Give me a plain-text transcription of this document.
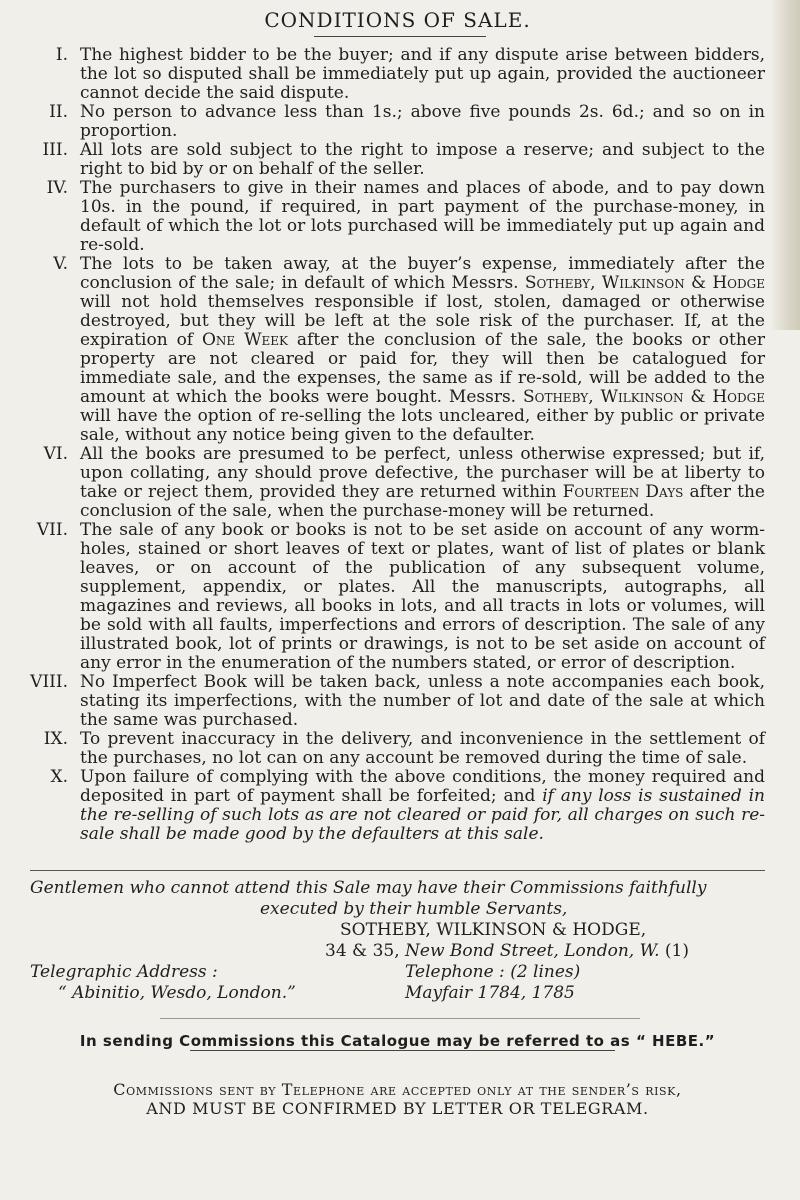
CONDITIONS OF SALE.
I. The highest bidder to be the buyer; and if any dispute arise between bidders, the lot so disputed shall be immediately put up again, provided the auctioneer cannot decide the said dispute.
II. No person to advance less than 1s.; above five pounds 2s. 6d.; and so on in proportion.
III. All lots are sold subject to the right to impose a reserve; and subject to the right to bid by or on behalf of the seller.
IV. The purchasers to give in their names and places of abode, and to pay down 10s. in the pound, if required, in part payment of the purchase-money, in default of which the lot or lots purchased will be immediately put up again and re-sold.
V. The lots to be taken away, at the buyer’s expense, immediately after the conclusion of the sale; in default of which Messrs. Sotheby, Wilkinson & Hodge will not hold themselves responsible if lost, stolen, damaged or otherwise destroyed, but they will be left at the sole risk of the purchaser. If, at the expiration of One Week after the conclusion of the sale, the books or other property are not cleared or paid for, they will then be catalogued for immediate sale, and the expenses, the same as if re-sold, will be added to the amount at which the books were bought. Messrs. Sotheby, Wilkinson & Hodge will have the option of re-selling the lots uncleared, either by public or private sale, without any notice being given to the defaulter.
VI. All the books are presumed to be perfect, unless otherwise expressed; but if, upon collating, any should prove defective, the purchaser will be at liberty to take or reject them, provided they are returned within Fourteen Days after the conclusion of the sale, when the purchase-money will be returned.
VII. The sale of any book or books is not to be set aside on account of any worm-holes, stained or short leaves of text or plates, want of list of plates or blank leaves, or on account of the publication of any subsequent volume, supplement, appendix, or plates. All the manuscripts, autographs, all magazines and reviews, all books in lots, and all tracts in lots or volumes, will be sold with all faults, imperfections and errors of description. The sale of any illustrated book, lot of prints or drawings, is not to be set aside on account of any error in the enumeration of the numbers stated, or error of description.
VIII. No Imperfect Book will be taken back, unless a note accompanies each book, stating its imperfections, with the number of lot and date of the sale at which the same was purchased.
IX. To prevent inaccuracy in the delivery, and inconvenience in the settlement of the purchases, no lot can on any account be removed during the time of sale.
X. Upon failure of complying with the above conditions, the money required and deposited in part of payment shall be forfeited; and if any loss is sustained in the re-selling of such lots as are not cleared or paid for, all charges on such re-sale shall be made good by the defaulters at this sale.
Gentlemen who cannot attend this Sale may have their Commissions faithfully
executed by their humble Servants,
SOTHEBY, WILKINSON & HODGE,
34 & 35, New Bond Street, London, W. (1)
Telegraphic Address :	Telephone : (2 lines)
“ Abinitio, Wesdo, London.”	Mayfair 1784, 1785
In sending Commissions this Catalogue may be referred to as “ HEBE.”
Commissions sent by Telephone are accepted only at the sender’s risk,
AND MUST BE CONFIRMED BY LETTER OR TELEGRAM.
